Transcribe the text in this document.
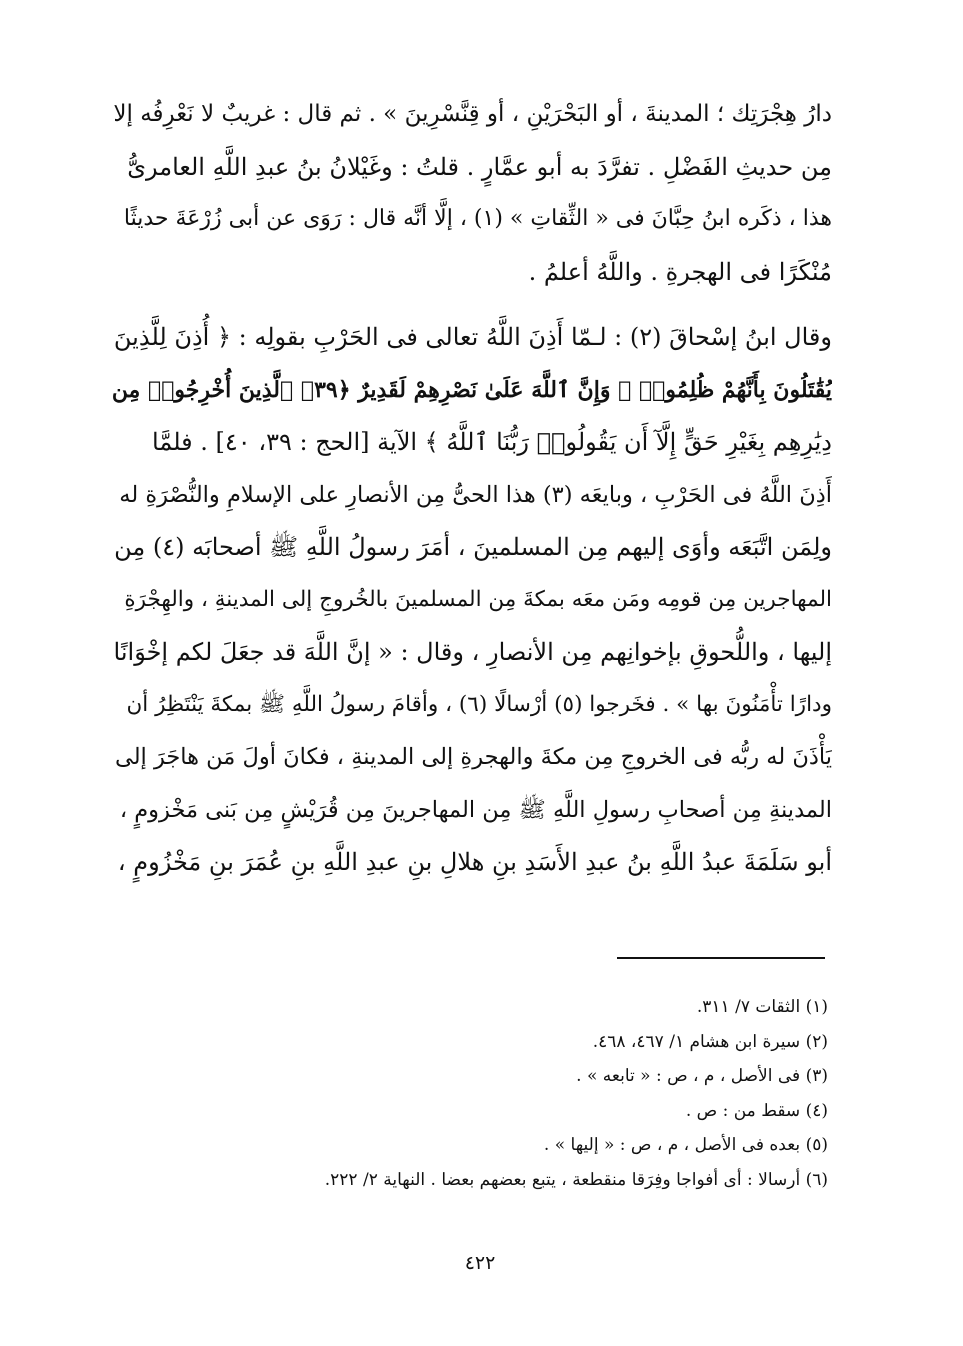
دارُ هِجْرَتِك ؛ المدينةَ ، أو البَحْرَيْنِ ، أو قِنَّسْرِينَ » . ثم قال : غريبٌ لا نَعْرِفُه إلا
مِن حديثِ الفَضْلِ . تفرَّدَ به أبو عمَّارٍ . قلتُ : وغَيْلانُ بنُ عبدِ اللَّهِ العامرىُّ
هذا ، ذكَره ابنُ حِبَّانَ فى « الثِّقاتِ » (١) ، إلَّا أنَّه قال : رَوَى عن أبى زُرْعَةَ حديثًا
مُنْكَرًا فى الهجرةِ . واللَّهُ أعلمُ .
وقال ابنُ إسْحاقَ (٢) : لـمّا أَذِنَ اللَّهُ تعالى فى الحَرْبِ بقولِه : ﴿ أُذِنَ لِلَّذِينَ
يُقَٰتَلُونَ بِأَنَّهُمْ ظُلِمُوا۟ ۚ وَإِنَّ ٱللَّهَ عَلَىٰ نَصْرِهِمْ لَقَدِيرٌ ﴿٣٩﴾ ٱلَّذِينَ أُخْرِجُوا۟ مِن
دِيَٰرِهِم بِغَيْرِ حَقٍّ إِلَّآ أَن يَقُولُوا۟ رَبُّنَا ٱللَّهُ ﴾ الآية [الحج : ٣٩، ٤٠] . فلمَّا
أَذِنَ اللَّهُ فى الحَرْبِ ، وبايعَه (٣) هذا الحىُّ مِن الأنصارِ على الإسلامِ والنُّصْرَةِ له
ولِمَن اتَّبَعَه وأوَى إليهم مِن المسلمينَ ، أمَرَ رسولُ اللَّهِ ﷺ أصحابَه (٤) مِن
المهاجرين مِن قومِه ومَن معَه بمكةَ مِن المسلمينَ بالخُروجِ إلى المدينةِ ، والهِجْرَةِ
إليها ، واللُّحوقِ بإخوانِهم مِن الأنصارِ ، وقال : « إنَّ اللَّهَ قد جعَلَ لكم إخْوَانًا
ودارًا تأْمَنُونَ بها » . فخَرجوا (٥) أرْسالًا (٦) ، وأقامَ رسولُ اللَّهِ ﷺ بمكةَ يَنْتَظِرُ أن
يَأْذَنَ له ربُّه فى الخروجِ مِن مكةَ والهجرةِ إلى المدينةِ ، فكانَ أولَ مَن هاجَرَ إلى
المدينةِ مِن أصحابِ رسولِ اللَّهِ ﷺ مِن المهاجرينَ مِن قُرَيْشٍ مِن بَنى مَخْزومٍ ،
أبو سَلَمَةَ عبدُ اللَّهِ بنُ عبدِ الأَسَدِ بنِ هلالِ بنِ عبدِ اللَّهِ بنِ عُمَرَ بنِ مَخْزُومٍ ،
(١) الثقات ٧/ ٣١١.
(٢) سيرة ابن هشام ١/ ٤٦٧، ٤٦٨.
(٣) فى الأصل ، م ، ص : « تابعه » .
(٤) سقط من : ص .
(٥) بعده فى الأصل ، م ، ص : « إليها » .
(٦) أرسالا : أى أفواجا وفِرَقا منقطعة ، يتبع بعضهم بعضا . النهاية ٢/ ٢٢٢.
٤٢٢
